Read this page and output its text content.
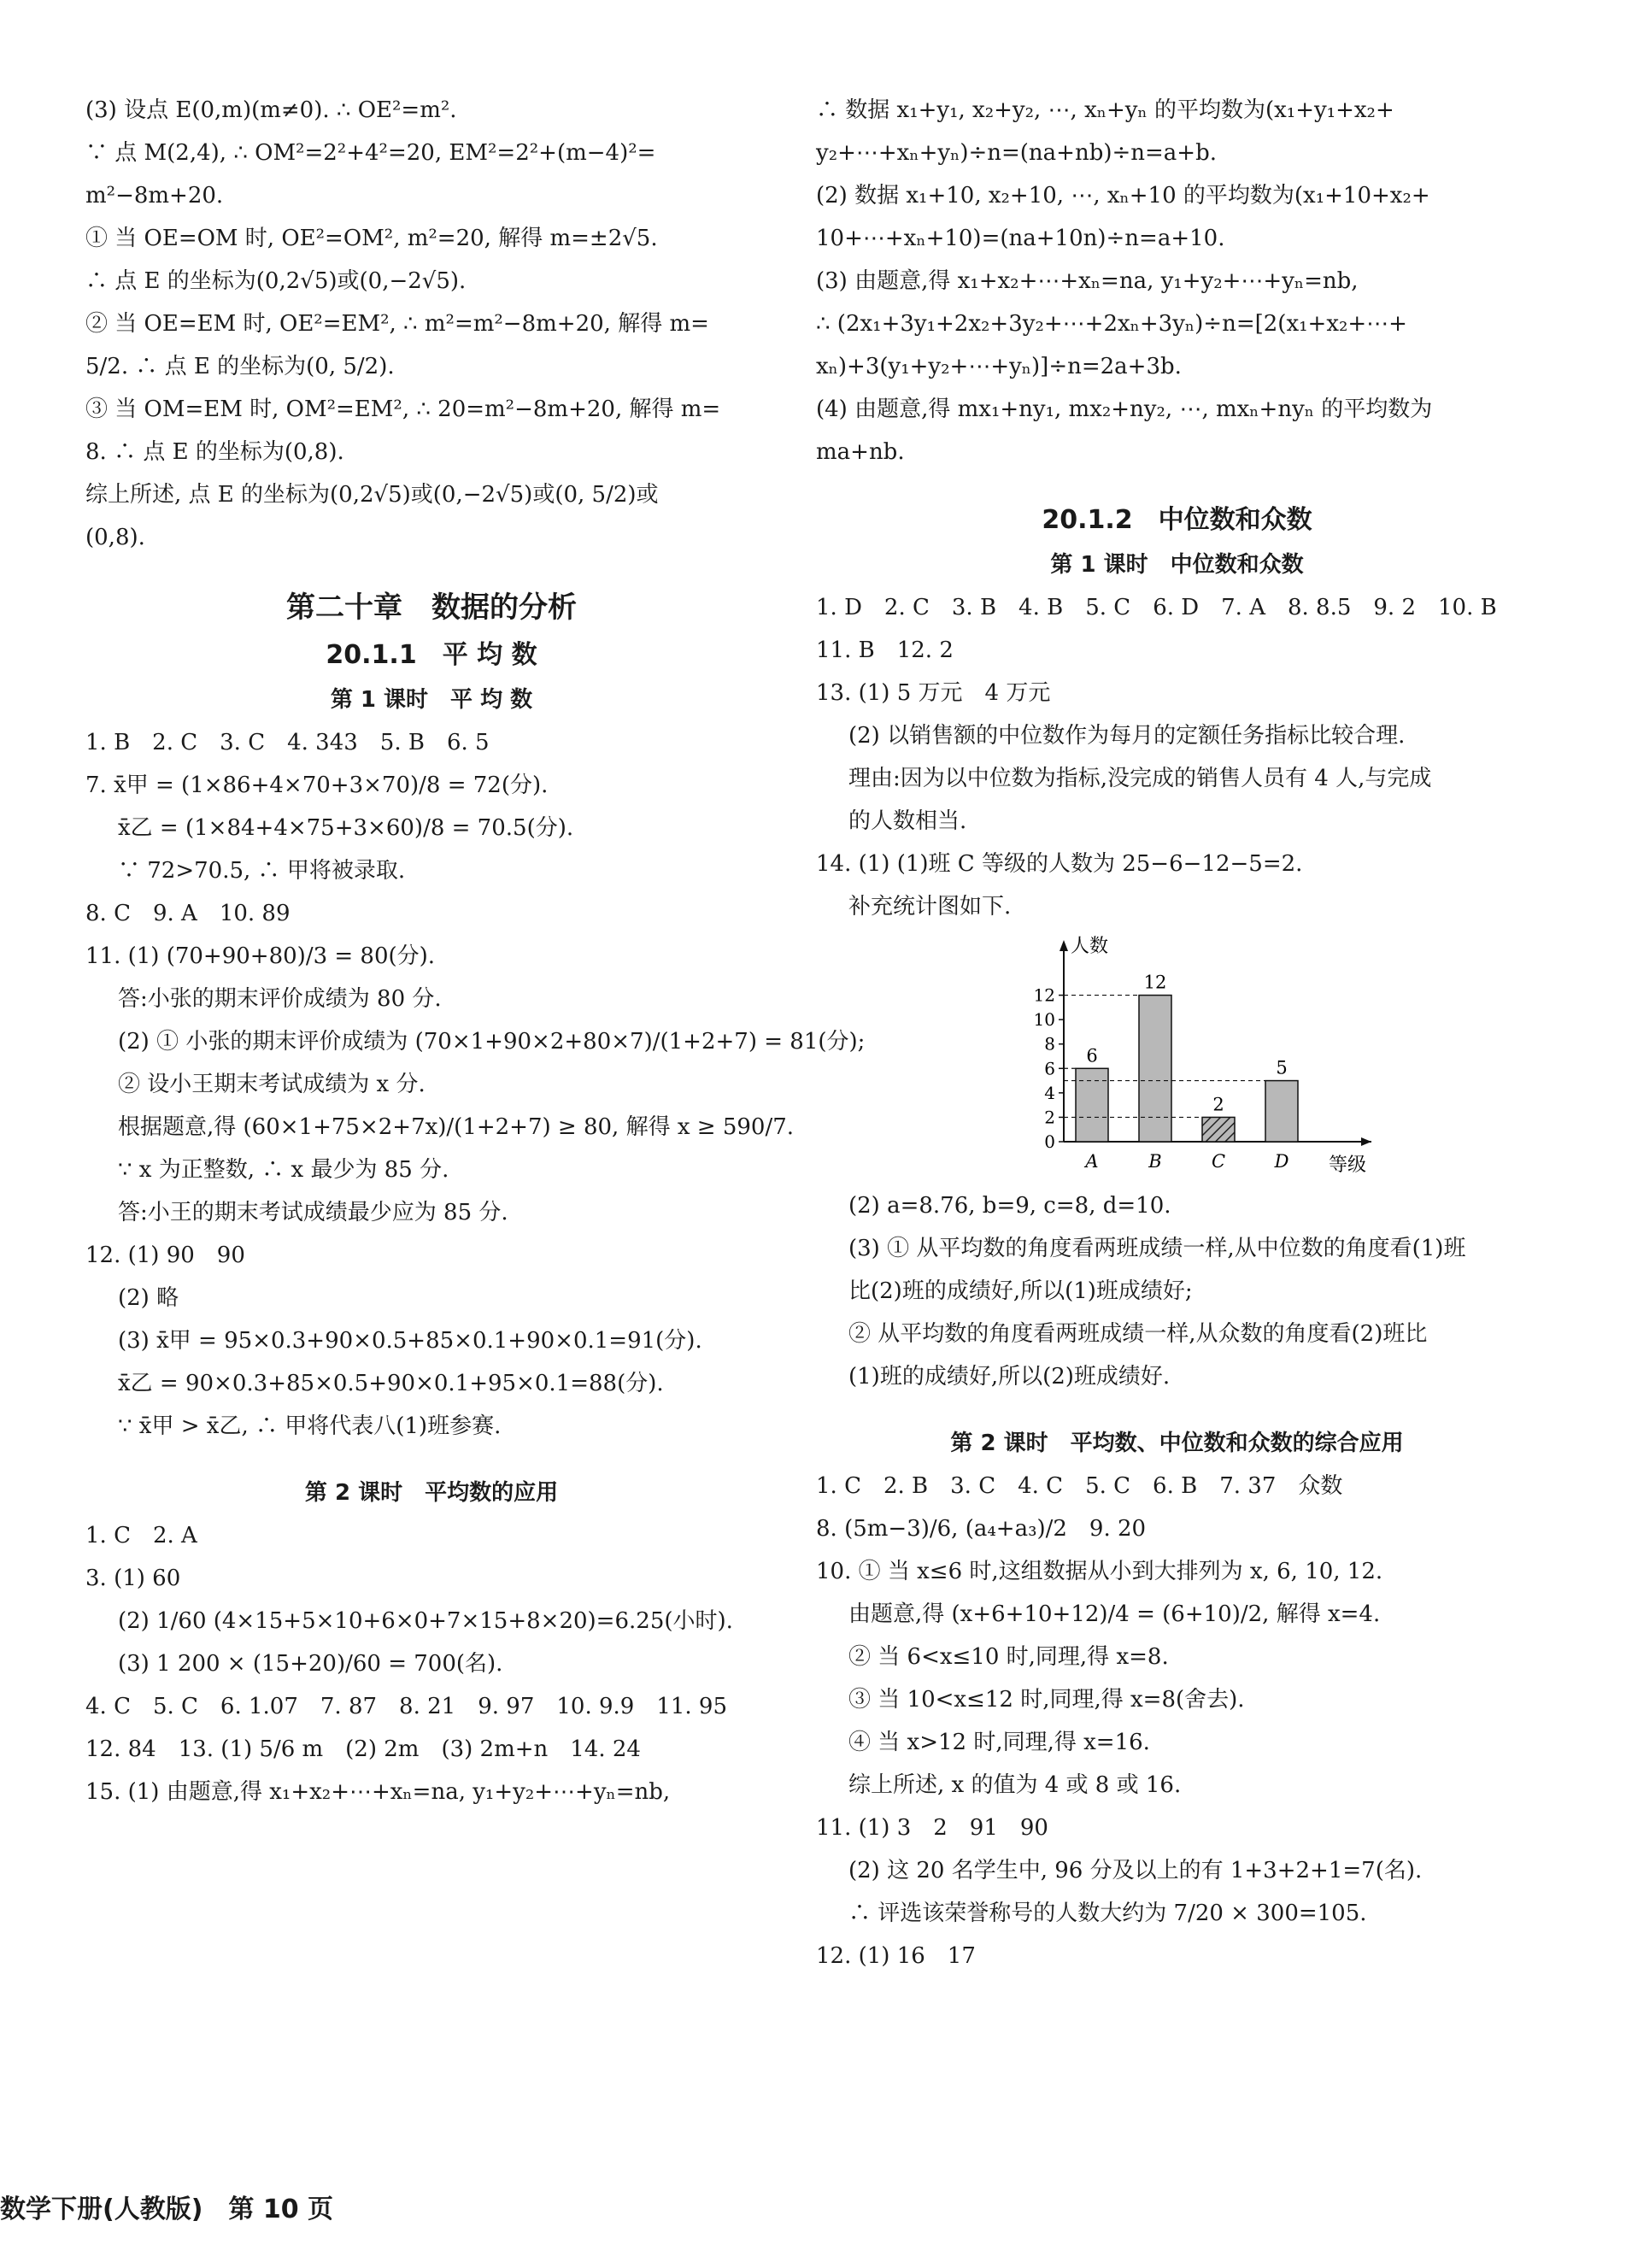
(3) 设点 E(0,m)(m≠0). ∴ OE²=m².
∵ 点 M(2,4), ∴ OM²=2²+4²=20, EM²=2²+(m−4)²=
m²−8m+20.
① 当 OE=OM 时, OE²=OM², m²=20, 解得 m=±2√5.
∴ 点 E 的坐标为(0,2√5)或(0,−2√5).
② 当 OE=EM 时, OE²=EM², ∴ m²=m²−8m+20, 解得 m=
5/2. ∴ 点 E 的坐标为(0, 5/2).
③ 当 OM=EM 时, OM²=EM², ∴ 20=m²−8m+20, 解得 m=
8. ∴ 点 E 的坐标为(0,8).
综上所述, 点 E 的坐标为(0,2√5)或(0,−2√5)或(0, 5/2)或
(0,8).
第二十章　数据的分析
20.1.1　平 均 数
第 1 课时　平 均 数
1. B　2. C　3. C　4. 343　5. B　6. 5
7. x̄甲 = (1×86+4×70+3×70)/8 = 72(分).
x̄乙 = (1×84+4×75+3×60)/8 = 70.5(分).
∵ 72>70.5, ∴ 甲将被录取.
8. C　9. A　10. 89
11. (1) (70+90+80)/3 = 80(分).
答:小张的期末评价成绩为 80 分.
(2) ① 小张的期末评价成绩为 (70×1+90×2+80×7)/(1+2+7) = 81(分);
② 设小王期末考试成绩为 x 分.
根据题意,得 (60×1+75×2+7x)/(1+2+7) ≥ 80, 解得 x ≥ 590/7.
∵ x 为正整数, ∴ x 最少为 85 分.
答:小王的期末考试成绩最少应为 85 分.
12. (1) 90　90
(2) 略
(3) x̄甲 = 95×0.3+90×0.5+85×0.1+90×0.1=91(分).
x̄乙 = 90×0.3+85×0.5+90×0.1+95×0.1=88(分).
∵ x̄甲 > x̄乙, ∴ 甲将代表八(1)班参赛.
第 2 课时　平均数的应用
1. C　2. A
3. (1) 60
(2) 1/60 (4×15+5×10+6×0+7×15+8×20)=6.25(小时).
(3) 1 200 × (15+20)/60 = 700(名).
4. C　5. C　6. 1.07　7. 87　8. 21　9. 97　10. 9.9　11. 95
12. 84　13. (1) 5/6 m　(2) 2m　(3) 2m+n　14. 24
15. (1) 由题意,得 x₁+x₂+⋯+xₙ=na, y₁+y₂+⋯+yₙ=nb,
∴ 数据 x₁+y₁, x₂+y₂, ⋯, xₙ+yₙ 的平均数为(x₁+y₁+x₂+
y₂+⋯+xₙ+yₙ)÷n=(na+nb)÷n=a+b.
(2) 数据 x₁+10, x₂+10, ⋯, xₙ+10 的平均数为(x₁+10+x₂+
10+⋯+xₙ+10)=(na+10n)÷n=a+10.
(3) 由题意,得 x₁+x₂+⋯+xₙ=na, y₁+y₂+⋯+yₙ=nb,
∴ (2x₁+3y₁+2x₂+3y₂+⋯+2xₙ+3yₙ)÷n=[2(x₁+x₂+⋯+
xₙ)+3(y₁+y₂+⋯+yₙ)]÷n=2a+3b.
(4) 由题意,得 mx₁+ny₁, mx₂+ny₂, ⋯, mxₙ+nyₙ 的平均数为
ma+nb.
20.1.2　中位数和众数
第 1 课时　中位数和众数
1. D　2. C　3. B　4. B　5. C　6. D　7. A　8. 8.5　9. 2　10. B
11. B　12. 2
13. (1) 5 万元　4 万元
(2) 以销售额的中位数作为每月的定额任务指标比较合理.
理由:因为以中位数为指标,没完成的销售人员有 4 人,与完成
的人数相当.
14. (1) (1)班 C 等级的人数为 25−6−12−5=2.
补充统计图如下.
0
2
4
6
8
10
12
人数
等级
6
A
12
B
2
C
5
D
(2) a=8.76, b=9, c=8, d=10.
(3) ① 从平均数的角度看两班成绩一样,从中位数的角度看(1)班
比(2)班的成绩好,所以(1)班成绩好;
② 从平均数的角度看两班成绩一样,从众数的角度看(2)班比
(1)班的成绩好,所以(2)班成绩好.
第 2 课时　平均数、中位数和众数的综合应用
1. C　2. B　3. C　4. C　5. C　6. B　7. 37　众数
8. (5m−3)/6, (a₄+a₃)/2　9. 20
10. ① 当 x≤6 时,这组数据从小到大排列为 x, 6, 10, 12.
由题意,得 (x+6+10+12)/4 = (6+10)/2, 解得 x=4.
② 当 6<x≤10 时,同理,得 x=8.
③ 当 10<x≤12 时,同理,得 x=8(舍去).
④ 当 x>12 时,同理,得 x=16.
综上所述, x 的值为 4 或 8 或 16.
11. (1) 3　2　91　90
(2) 这 20 名学生中, 96 分及以上的有 1+3+2+1=7(名).
∴ 评选该荣誉称号的人数大约为 7/20 × 300=105.
12. (1) 16　17
数学下册(人教版)　第 10 页
